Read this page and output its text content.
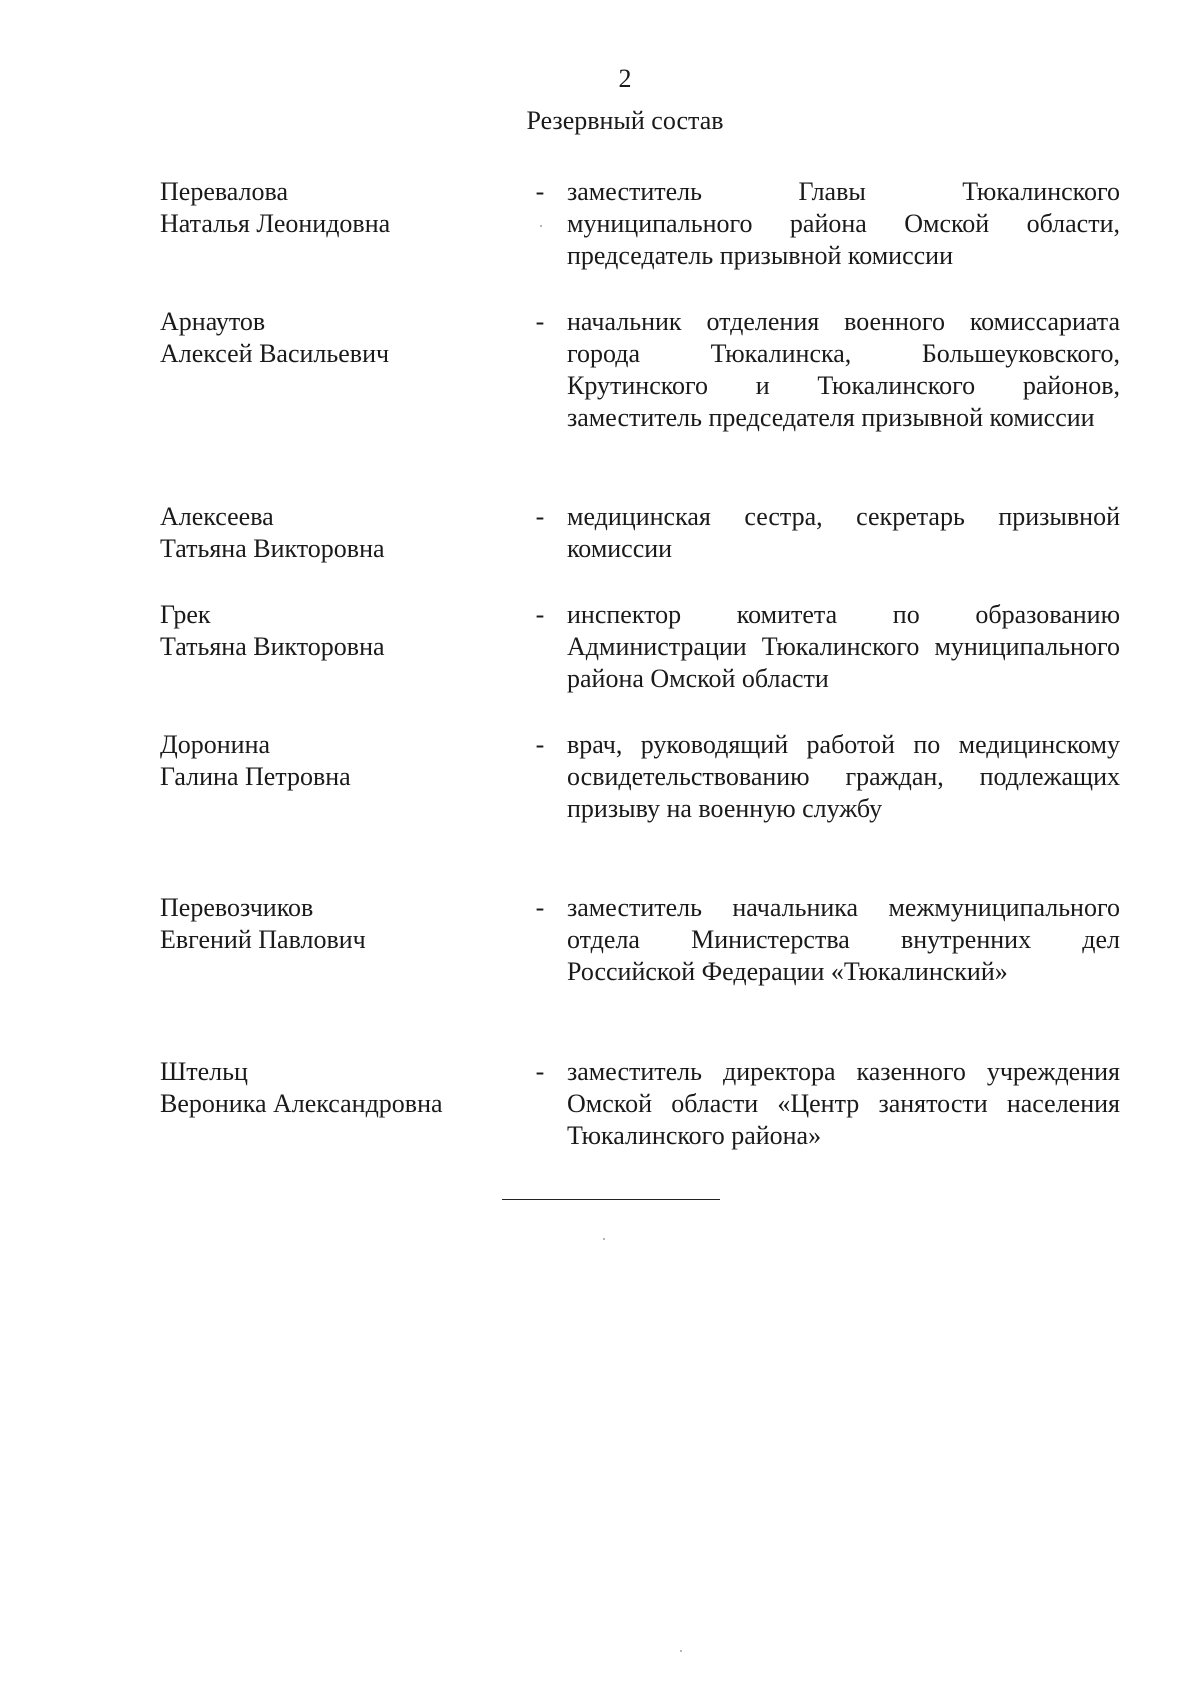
2
Резервный состав
Перевалова
Наталья Леонидовна
- заместитель Главы Тюкалинского муниципального района Омской области, председатель призывной комиссии
Арнаутов
Алексей Васильевич
- начальник отделения военного комиссариата города Тюкалинска, Большеуковского, Крутинского и Тюкалинского районов, заместитель председателя призывной комиссии
Алексеева
Татьяна Викторовна
- медицинская сестра, секретарь призывной комиссии
Грек
Татьяна Викторовна
- инспектор комитета по образованию Администрации Тюкалинского муниципального района Омской области
Доронина
Галина Петровна
- врач, руководящий работой по медицинскому освидетельствованию граждан, подлежащих призыву на военную службу
Перевозчиков
Евгений Павлович
- заместитель начальника межмуниципального отдела Министерства внутренних дел Российской Федерации «Тюкалинский»
Штельц
Вероника Александровна
- заместитель директора казенного учреждения Омской области «Центр занятости населения Тюкалинского района»
